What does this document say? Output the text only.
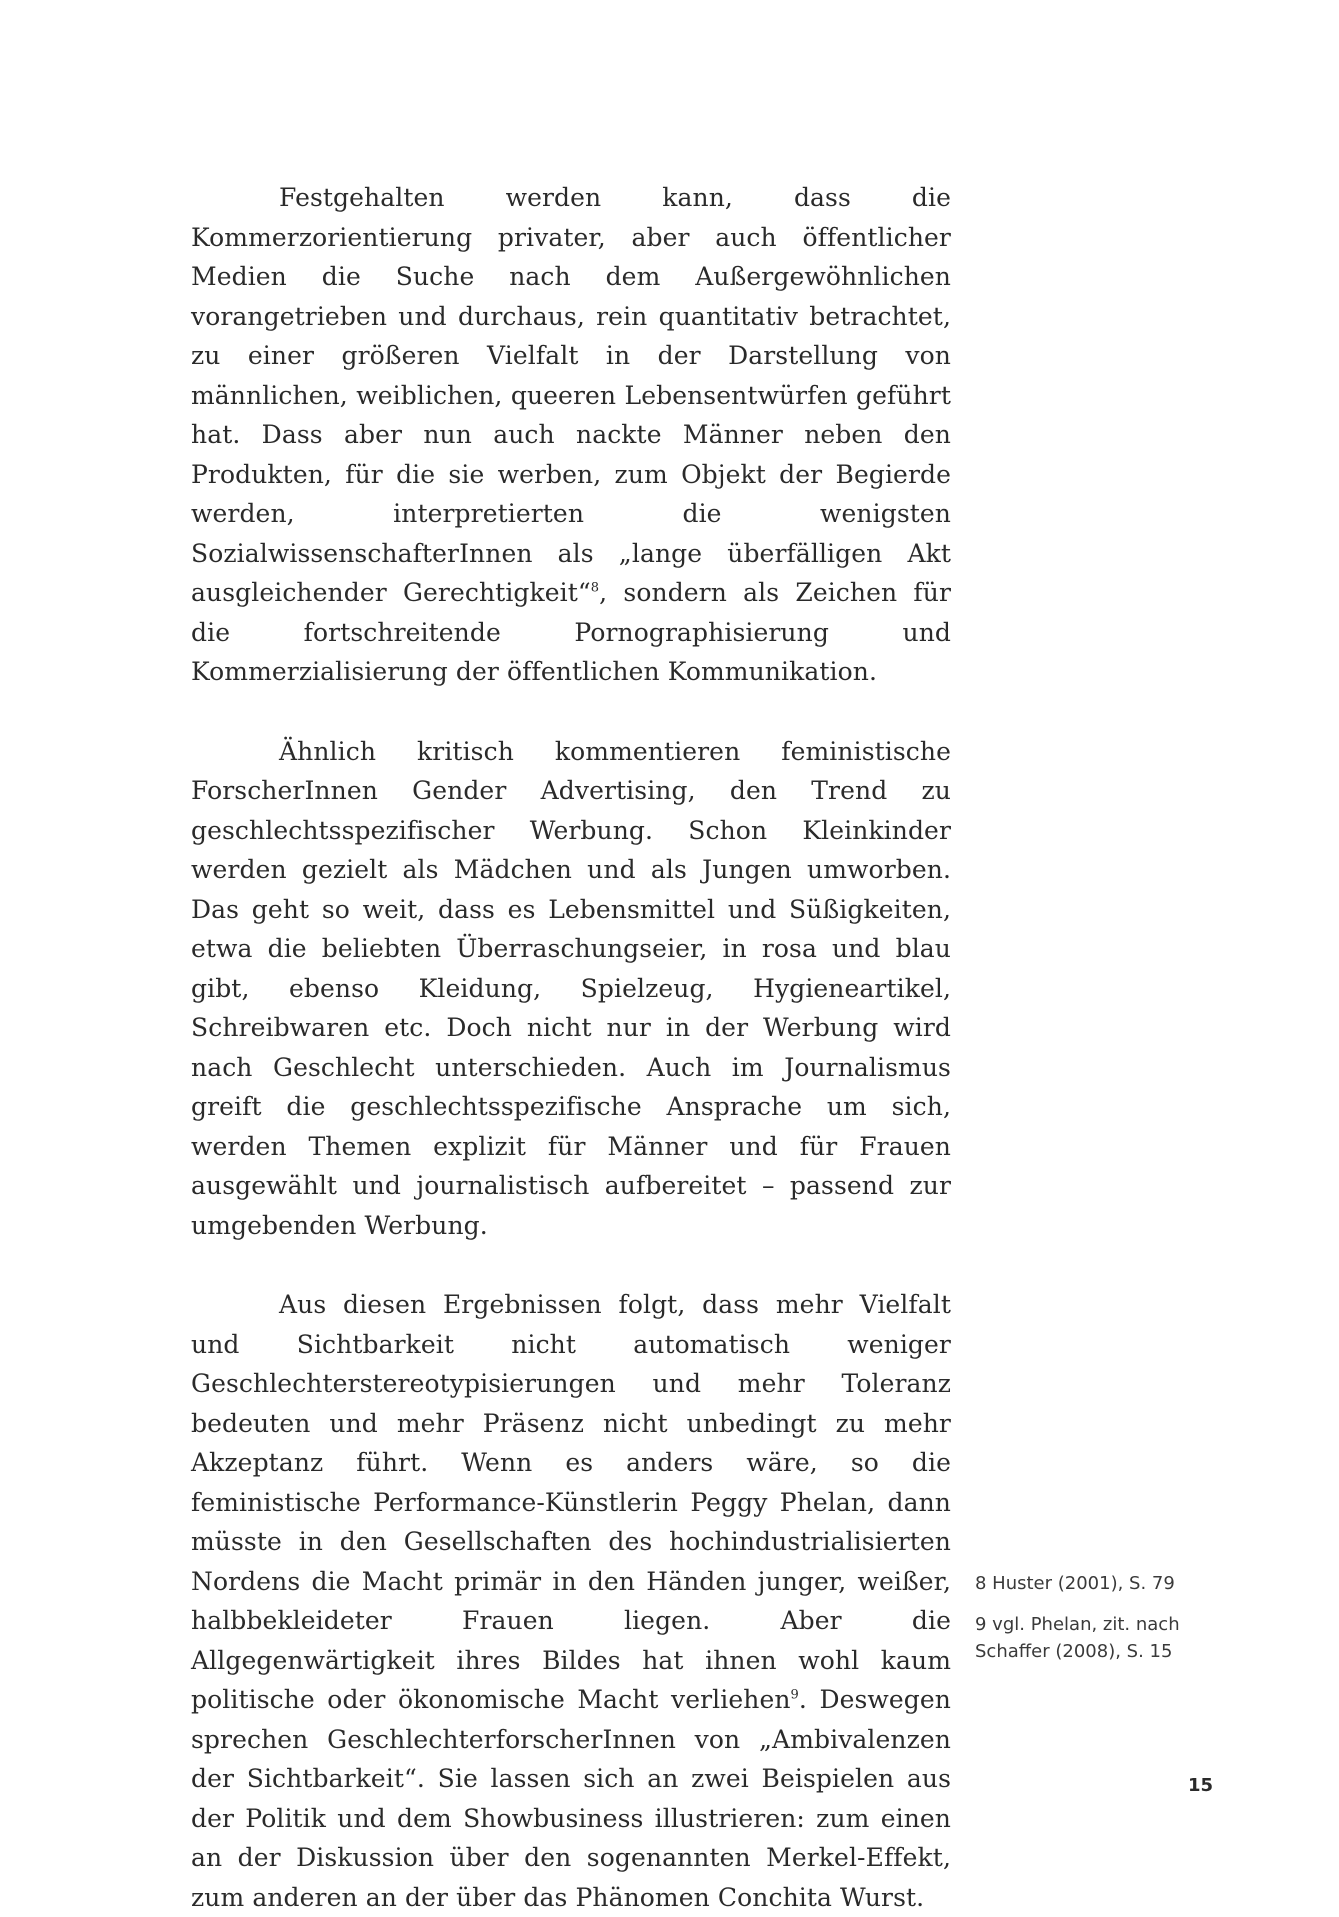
Festgehalten werden kann, dass die Kommerzorientierung privater, aber auch öffentlicher Medien die Suche nach dem Außergewöhnlichen vorangetrieben und durchaus, rein quantitativ betrachtet, zu einer größeren Vielfalt in der Darstellung von männlichen, weiblichen, queeren Lebensentwürfen geführt hat. Dass aber nun auch nackte Männer neben den Produkten, für die sie werben, zum Objekt der Begierde werden, interpretierten die wenigsten SozialwissenschafterInnen als „lange überfälligen Akt ausgleichender Gerechtigkeit“$^8$, sondern als Zeichen für die fortschreitende Pornographisierung und Kommerzialisierung der öffentlichen Kommunikation.

Ähnlich kritisch kommentieren feministische ForscherInnen Gender Advertising, den Trend zu geschlechtsspezifischer Werbung. Schon Kleinkinder werden gezielt als Mädchen und als Jungen umworben. Das geht so weit, dass es Lebensmittel und Süßigkeiten, etwa die beliebten Überraschungseier, in rosa und blau gibt, ebenso Kleidung, Spielzeug, Hygieneartikel, Schreibwaren etc. Doch nicht nur in der Werbung wird nach Geschlecht unterschieden. Auch im Journalismus greift die geschlechtsspezifische Ansprache um sich, werden Themen explizit für Männer und für Frauen ausgewählt und journalistisch aufbereitet – passend zur umgebenden Werbung.

Aus diesen Ergebnissen folgt, dass mehr Vielfalt und Sichtbarkeit nicht automatisch weniger Geschlechterstereotypisierungen und mehr Toleranz bedeuten und mehr Präsenz nicht unbedingt zu mehr Akzeptanz führt. Wenn es anders wäre, so die feministische Performance-Künstlerin Peggy Phelan, dann müsste in den Gesellschaften des hochindustrialisierten Nordens die Macht primär in den Händen junger, weißer, halbbekleideter Frauen liegen. Aber die Allgegenwärtigkeit ihres Bildes hat ihnen wohl kaum politische oder ökonomische Macht verliehen$^9$. Deswegen sprechen GeschlechterforscherInnen von „Ambivalenzen der Sichtbarkeit“. Sie lassen sich an zwei Beispielen aus der Politik und dem Showbusiness illustrieren: zum einen an der Diskussion über den sogenannten Merkel-Effekt, zum anderen an der über das Phänomen Conchita Wurst.

8 Huster (2001), S. 79

9 vgl. Phelan, zit. nach Schaffer (2008), S. 15

15
